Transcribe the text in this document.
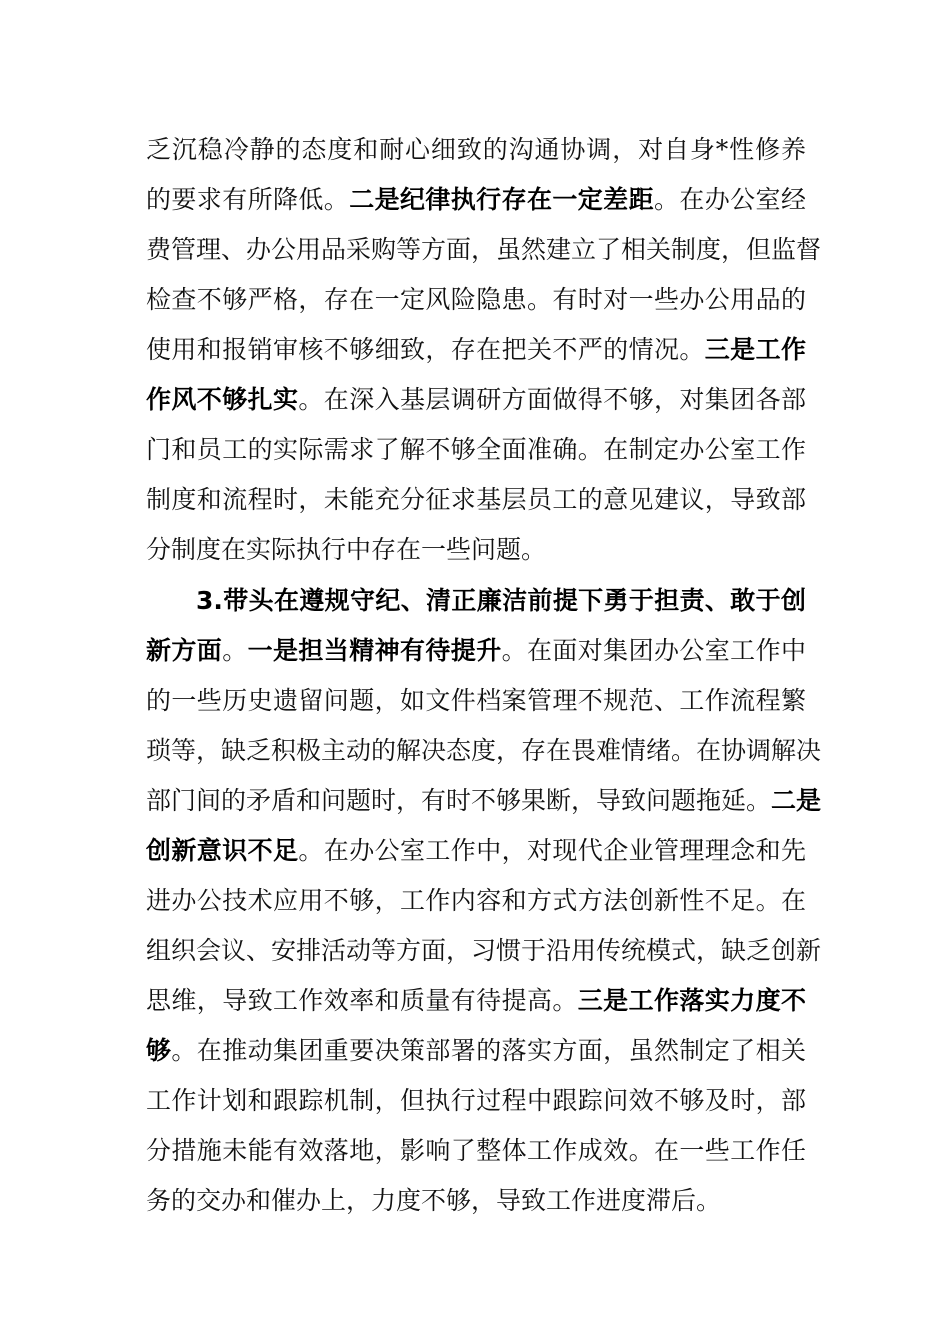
乏沉稳冷静的态度和耐心细致的沟通协调，对自身*性修养
的要求有所降低。二是纪律执行存在一定差距。在办公室经
费管理、办公用品采购等方面，虽然建立了相关制度，但监督
检查不够严格，存在一定风险隐患。有时对一些办公用品的
使用和报销审核不够细致，存在把关不严的情况。三是工作
作风不够扎实。在深入基层调研方面做得不够，对集团各部
门和员工的实际需求了解不够全面准确。在制定办公室工作
制度和流程时，未能充分征求基层员工的意见建议，导致部
分制度在实际执行中存在一些问题。
3.带头在遵规守纪、清正廉洁前提下勇于担责、敢于创
新方面。一是担当精神有待提升。在面对集团办公室工作中
的一些历史遗留问题，如文件档案管理不规范、工作流程繁
琐等，缺乏积极主动的解决态度，存在畏难情绪。在协调解决
部门间的矛盾和问题时，有时不够果断，导致问题拖延。二是
创新意识不足。在办公室工作中，对现代企业管理理念和先
进办公技术应用不够，工作内容和方式方法创新性不足。在
组织会议、安排活动等方面，习惯于沿用传统模式，缺乏创新
思维，导致工作效率和质量有待提高。三是工作落实力度不
够。在推动集团重要决策部署的落实方面，虽然制定了相关
工作计划和跟踪机制，但执行过程中跟踪问效不够及时，部
分措施未能有效落地，影响了整体工作成效。在一些工作任
务的交办和催办上，力度不够，导致工作进度滞后。
